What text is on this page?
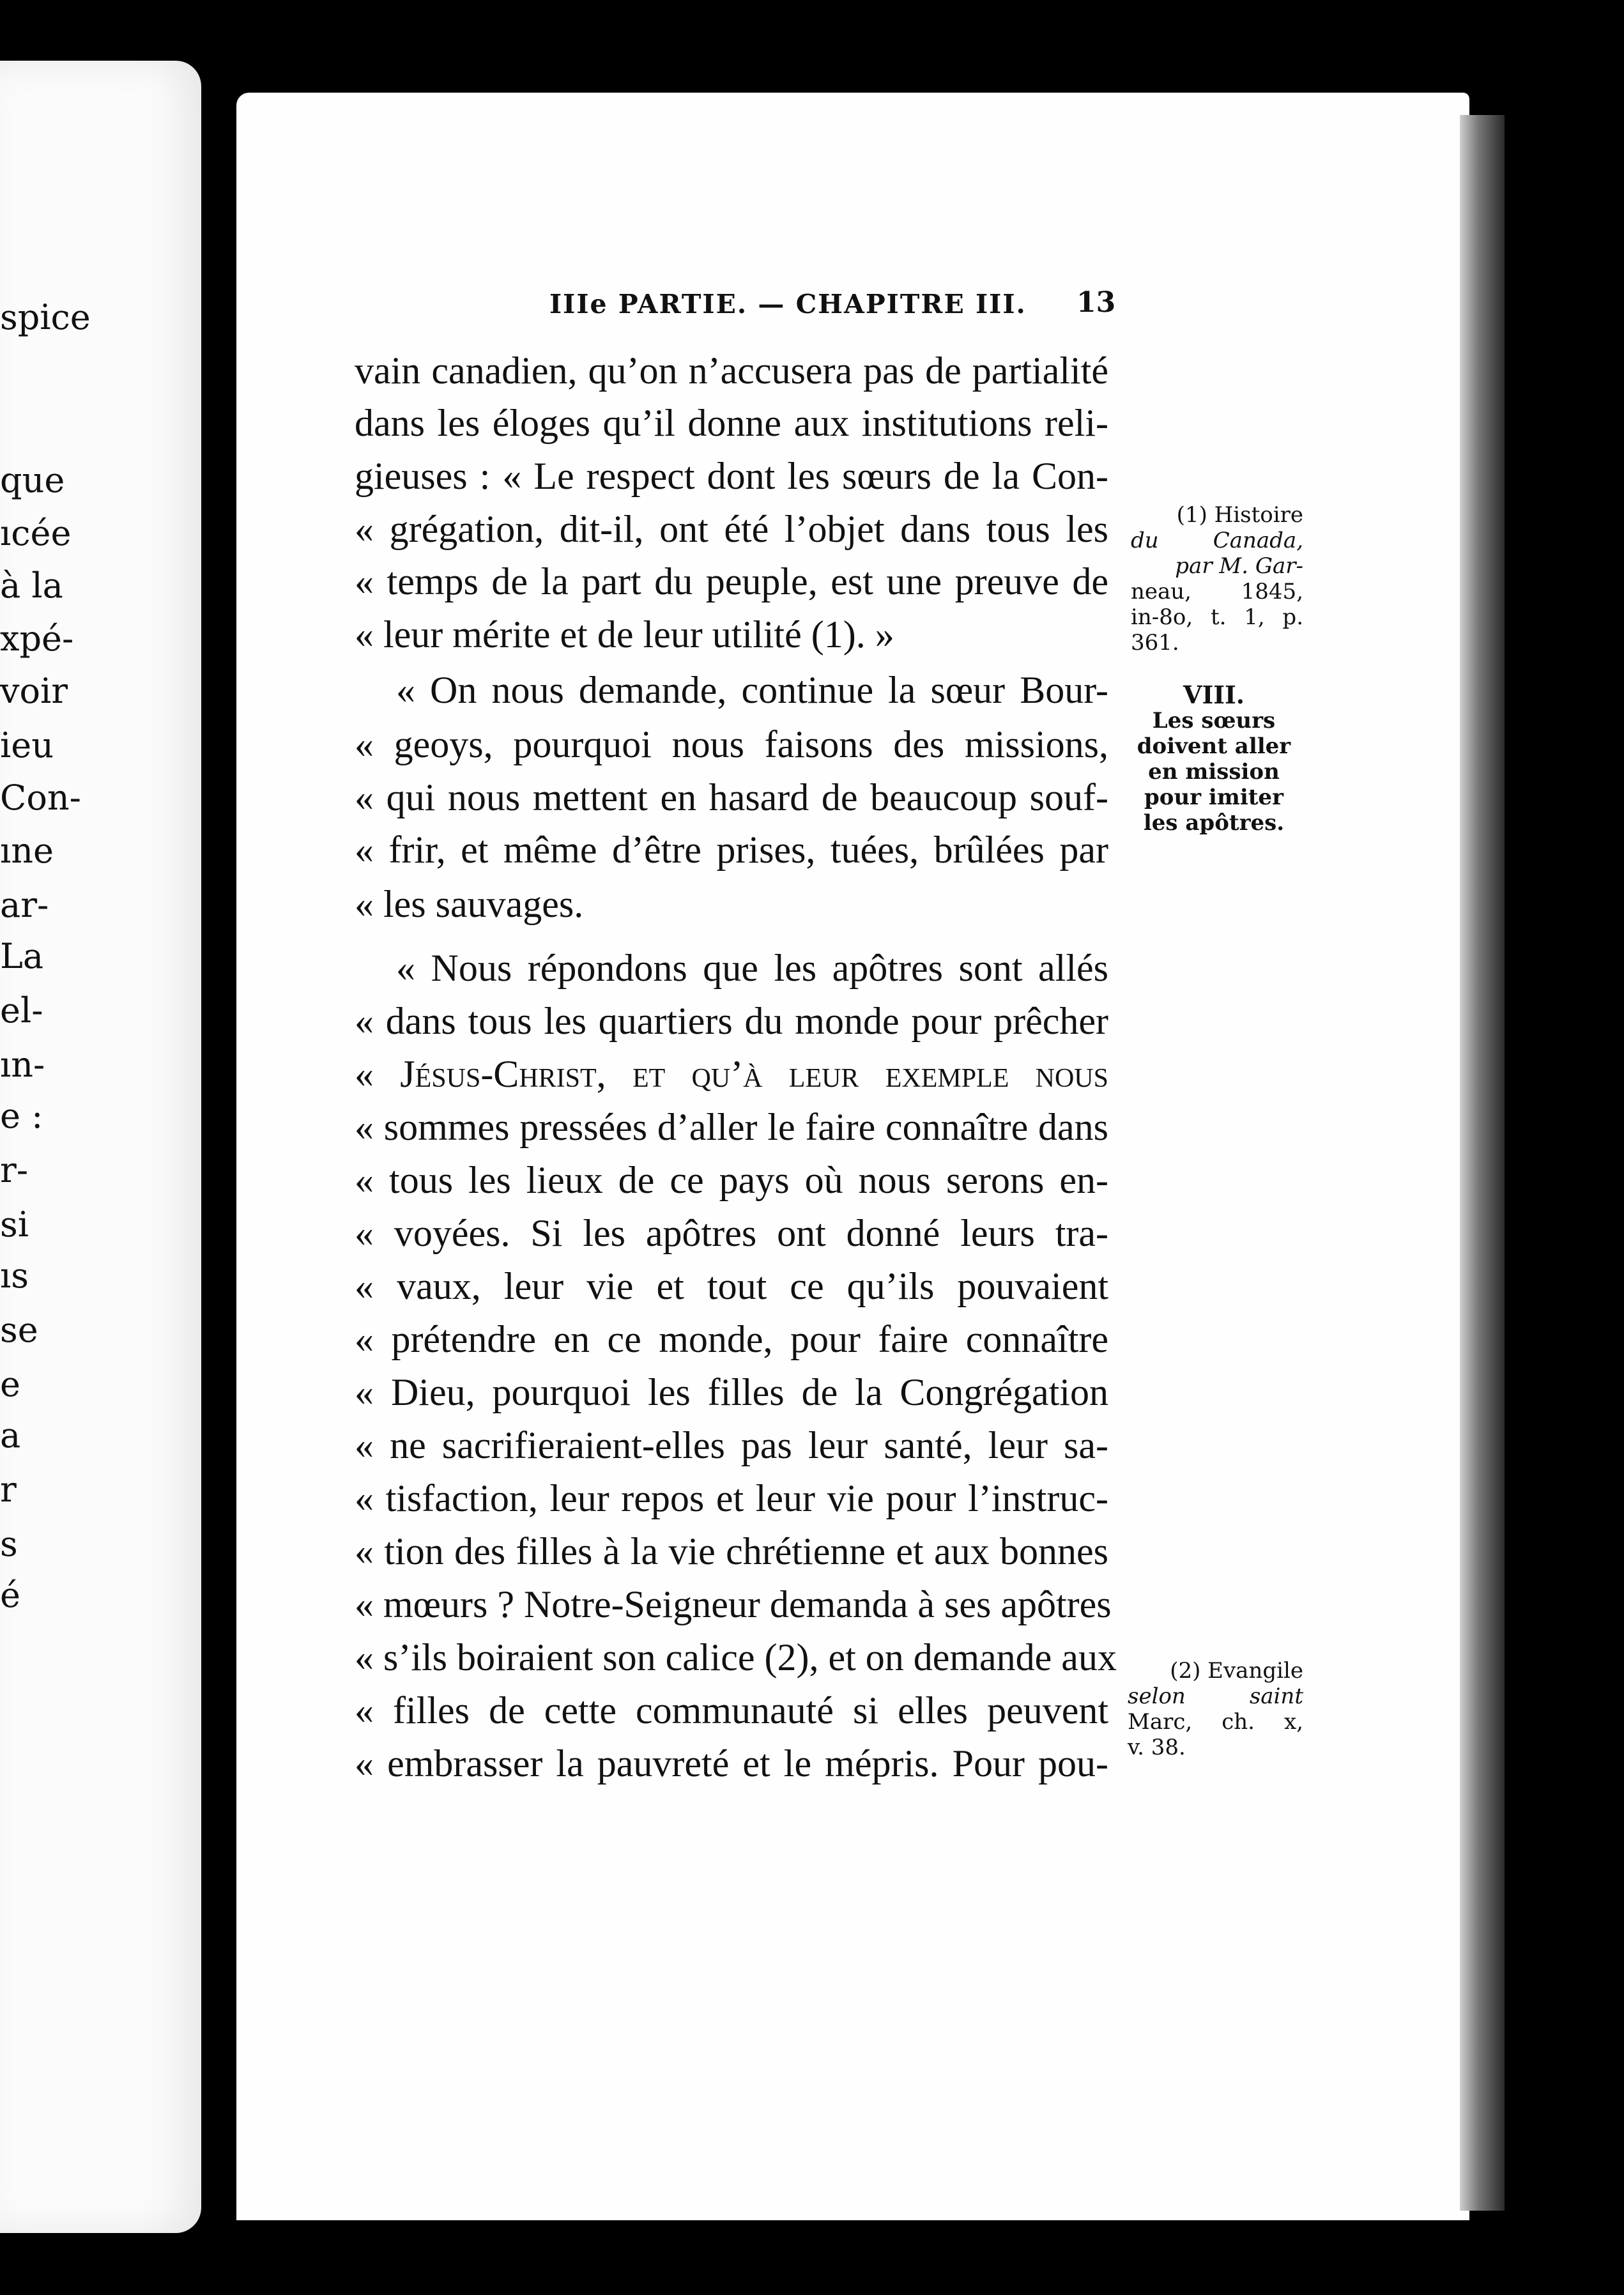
spice
que
ıcée
à la
xpé-
voir
ieu
Con-
ıne
ar-
La
el-
ın-
e :
r-
si
ıs
se
e
a
r
s
é
IIIe PARTIE. — CHAPITRE III. 13
vain canadien, qu’on n’accusera pas de partialité
dans les éloges qu’il donne aux institutions reli-
gieuses : « Le respect dont les sœurs de la Con-
« grégation, dit-il, ont été l’objet dans tous les
« temps de la part du peuple, est une preuve de
« leur mérite et de leur utilité (1). »
« On nous demande, continue la sœur Bour-
« geoys, pourquoi nous faisons des missions,
« qui nous mettent en hasard de beaucoup souf-
« frir, et même d’être prises, tuées, brûlées par
« les sauvages.
« Nous répondons que les apôtres sont allés
« dans tous les quartiers du monde pour prêcher
« Jésus-Christ, et qu’à leur exemple nous
« sommes pressées d’aller le faire connaître dans
« tous les lieux de ce pays où nous serons en-
« voyées. Si les apôtres ont donné leurs tra-
« vaux, leur vie et tout ce qu’ils pouvaient
« prétendre en ce monde, pour faire connaître
« Dieu, pourquoi les filles de la Congrégation
« ne sacrifieraient-elles pas leur santé, leur sa-
« tisfaction, leur repos et leur vie pour l’instruc-
« tion des filles à la vie chrétienne et aux bonnes
« mœurs ? Notre-Seigneur demanda à ses apôtres
« s’ils boiraient son calice (2), et on demande aux
« filles de cette communauté si elles peuvent
« embrasser la pauvreté et le mépris. Pour pou-
(1) Histoire
du Canada,
par M. Gar-
neau, 1845,
in-8o, t. 1, p.
361.
VIII.
Les sœurs
doivent aller
en mission
pour imiter
les apôtres.
(2) Evangile
selon saint
Marc, ch. x,
v. 38.
